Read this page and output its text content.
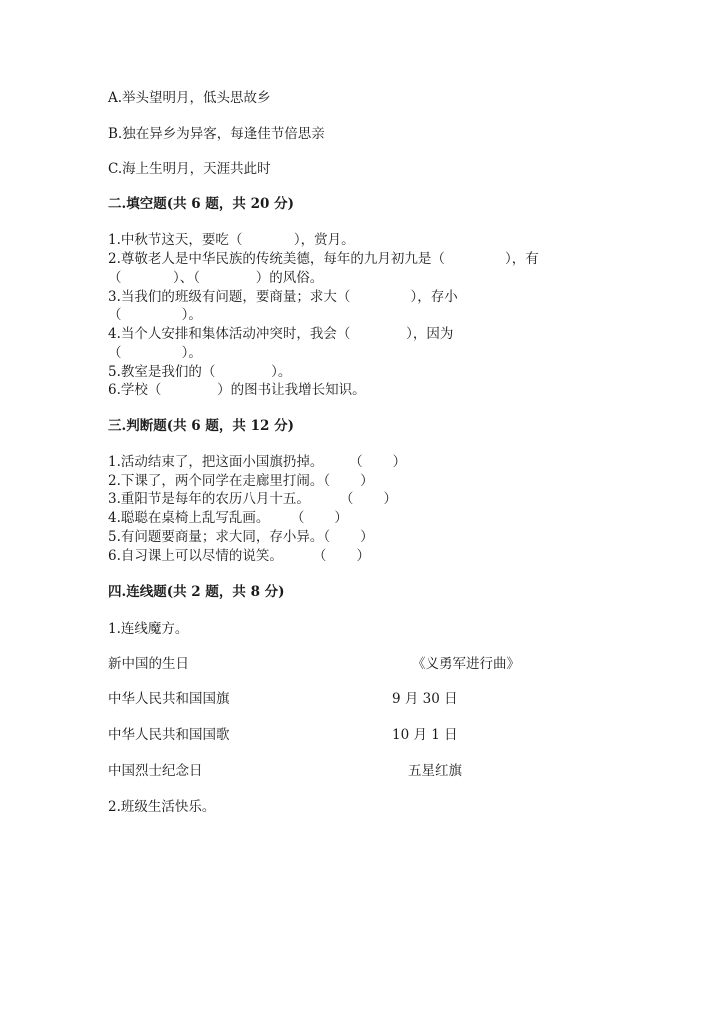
A.举头望明月，低头思故乡
B.独在异乡为异客，每逢佳节倍思亲
C.海上生明月，天涯共此时
二.填空题(共 6 题，共 20 分)
1.中秋节这天，要吃（            ），赏月。
2.尊敬老人是中华民族的传统美德，每年的九月初九是（              ），有
（            ）、（             ）的风俗。
3.当我们的班级有问题，要商量；求大（              ），存小
（              ）。
4.当个人安排和集体活动冲突时，我会（             ），因为
（              ）。
5.教室是我们的（             ）。
6.学校（             ）的图书让我增长知识。
三.判断题(共 6 题，共 12 分)
1.活动结束了，把这面小国旗扔掉。      （       ）
2.下课了，两个同学在走廊里打闹。（       ）
3.重阳节是每年的农历八月十五。       （       ）
4.聪聪在桌椅上乱写乱画。     （       ）
5.有问题要商量；求大同，存小异。（       ）
6.自习课上可以尽情的说笑。       （       ）
四.连线题(共 2 题，共 8 分)
1.连线魔方。
新中国的生日
中华人民共和国国旗
中华人民共和国国歌
中国烈士纪念日
《义勇军进行曲》
9 月 30 日
10 月 1 日
五星红旗
2.班级生活快乐。
